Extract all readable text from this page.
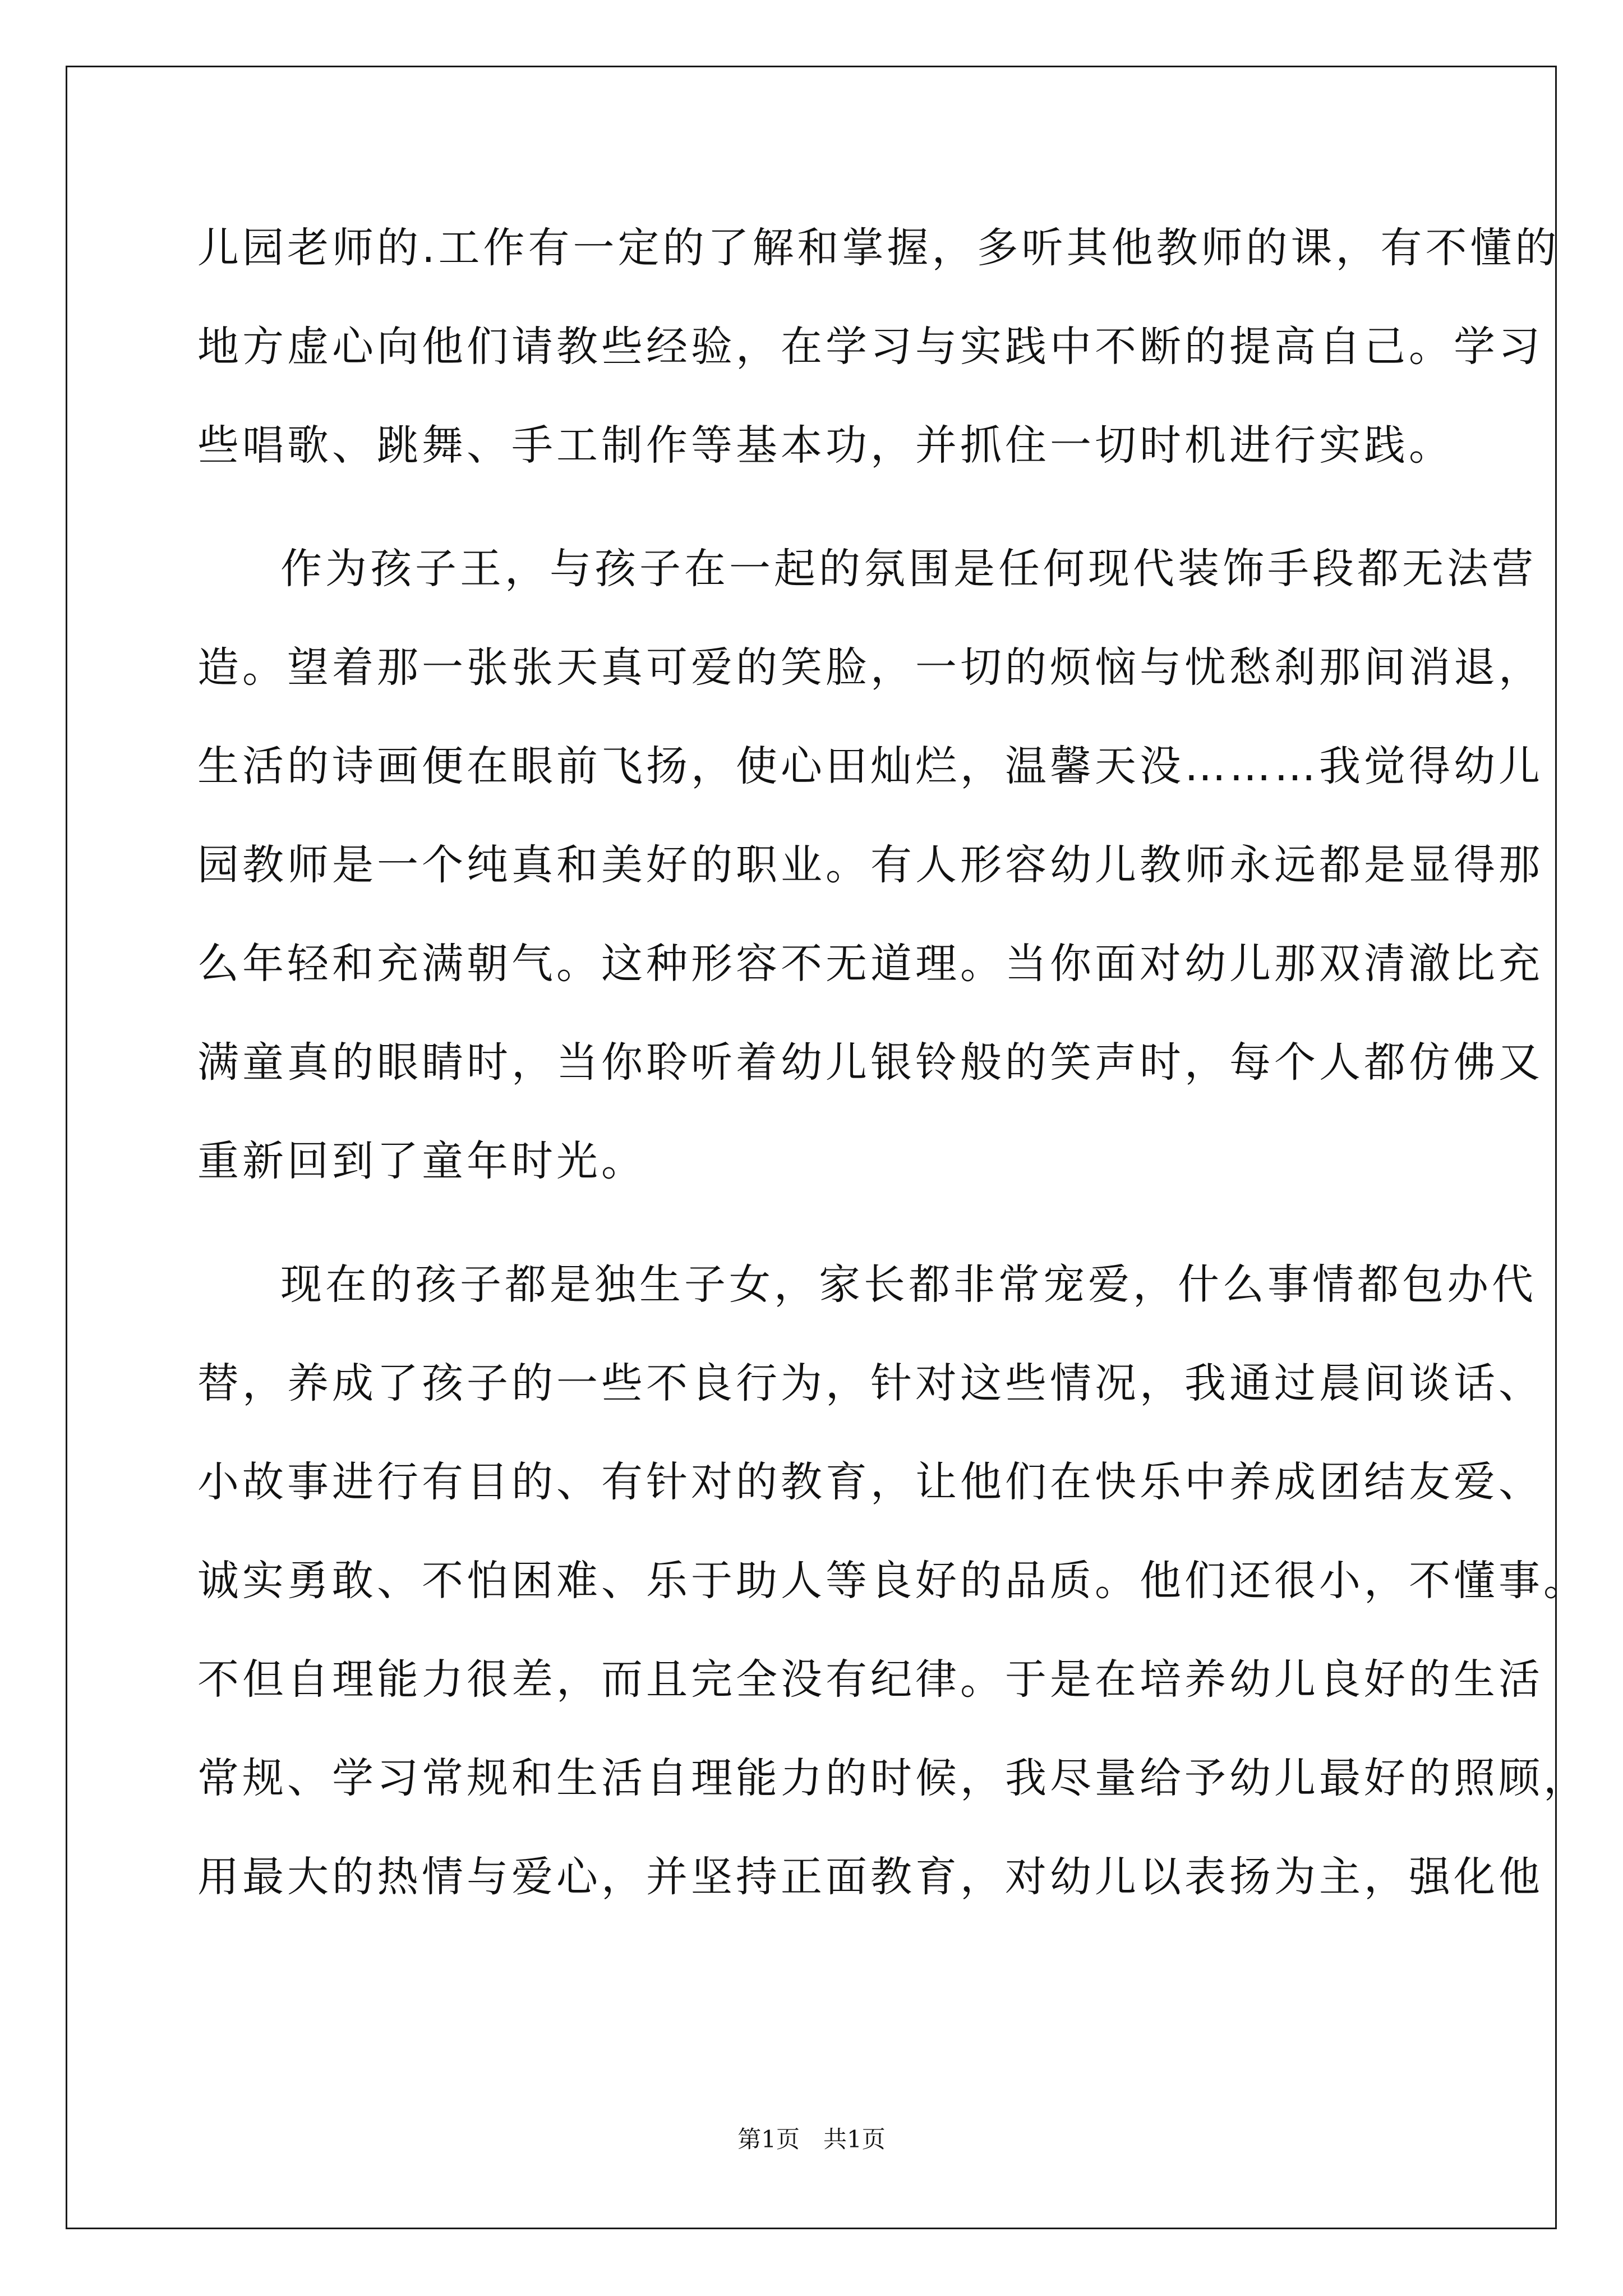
儿园老师的.工作有一定的了解和掌握，多听其他教师的课，有不懂的
地方虚心向他们请教些经验，在学习与实践中不断的提高自己。学习
些唱歌、跳舞、手工制作等基本功，并抓住一切时机进行实践。
作为孩子王，与孩子在一起的氛围是任何现代装饰手段都无法营
造。望着那一张张天真可爱的笑脸，一切的烦恼与忧愁刹那间消退，
生活的诗画便在眼前飞扬，使心田灿烂，温馨天没………我觉得幼儿
园教师是一个纯真和美好的职业。有人形容幼儿教师永远都是显得那
么年轻和充满朝气。这种形容不无道理。当你面对幼儿那双清澈比充
满童真的眼睛时，当你聆听着幼儿银铃般的笑声时，每个人都仿佛又
重新回到了童年时光。
现在的孩子都是独生子女，家长都非常宠爱，什么事情都包办代
替，养成了孩子的一些不良行为，针对这些情况，我通过晨间谈话、
小故事进行有目的、有针对的教育，让他们在快乐中养成团结友爱、
诚实勇敢、不怕困难、乐于助人等良好的品质。他们还很小，不懂事。
不但自理能力很差，而且完全没有纪律。于是在培养幼儿良好的生活
常规、学习常规和生活自理能力的时候，我尽量给予幼儿最好的照顾，
用最大的热情与爱心，并坚持正面教育，对幼儿以表扬为主，强化他
第1页　共1页
